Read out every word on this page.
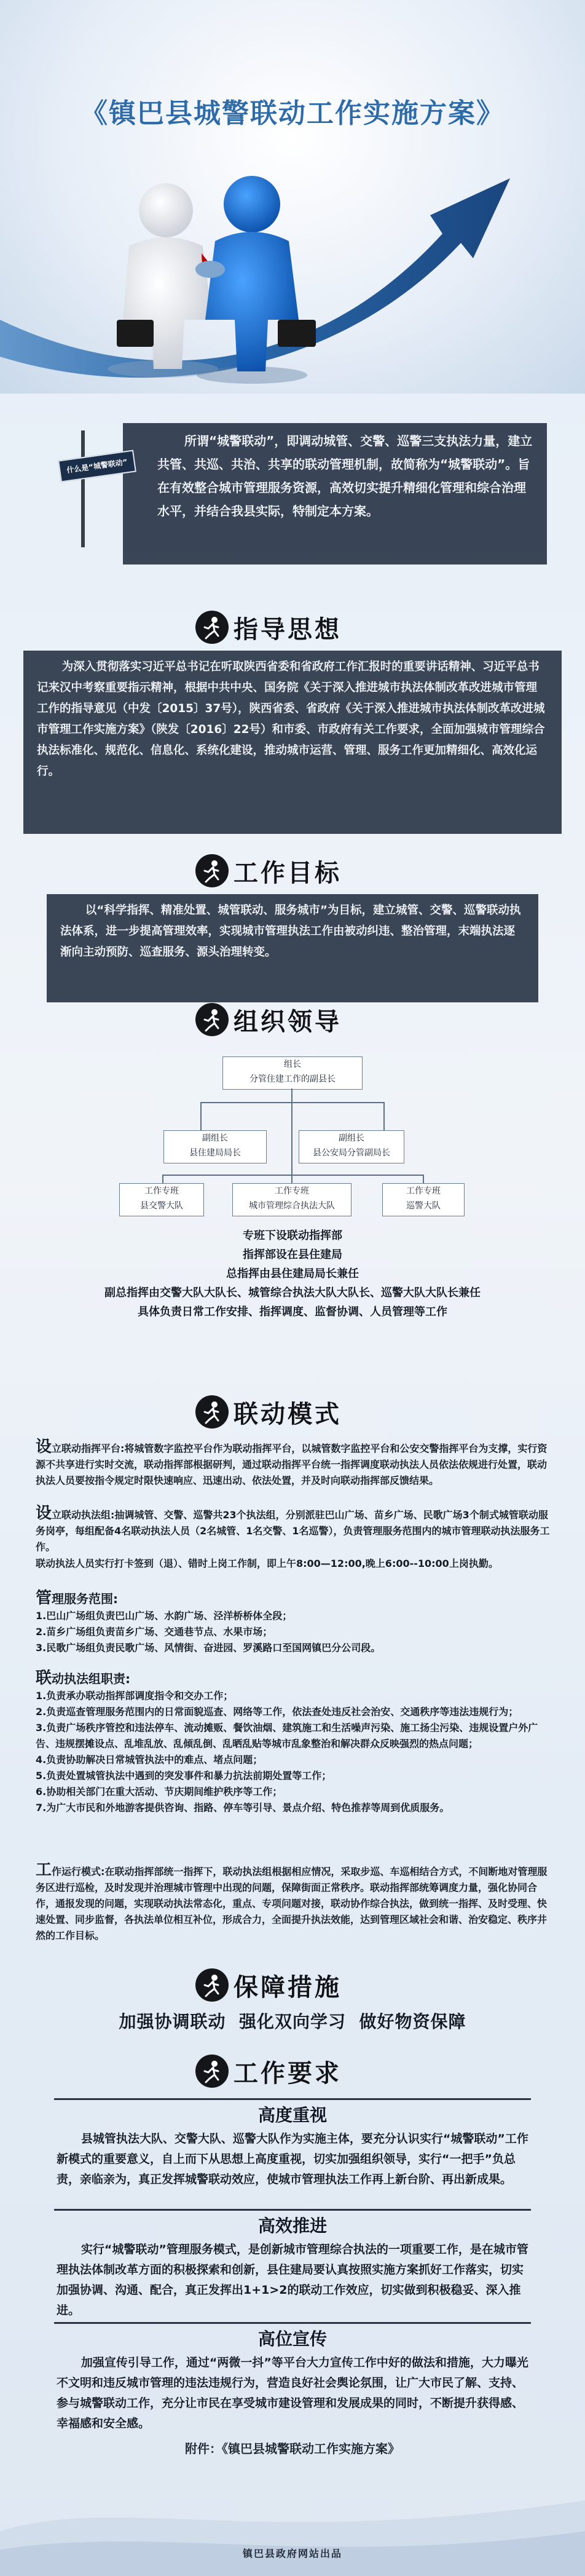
《镇巴县城警联动工作实施方案》
所谓“城警联动”，即调动城管、交警、巡警三支执法力量，建立共管、共巡、共治、共享的联动管理机制，故简称为“城警联动”。旨在有效整合城市管理服务资源，高效切实提升精细化管理和综合治理水平，并结合我县实际，特制定本方案。
什么是“城警联动”
指导思想
为深入贯彻落实习近平总书记在听取陕西省委和省政府工作汇报时的重要讲话精神、习近平总书记来汉中考察重要指示精神，根据中共中央、国务院《关于深入推进城市执法体制改革改进城市管理工作的指导意见（中发〔2015〕37号），陕西省委、省政府《关于深入推进城市执法体制改革改进城市管理工作实施方案》（陕发〔2016〕22号）和市委、市政府有关工作要求，全面加强城市管理综合执法标准化、规范化、信息化、系统化建设，推动城市运营、管理、服务工作更加精细化、高效化运行。
工作目标
以“科学指挥、精准处置、城管联动、服务城市”为目标，建立城管、交警、巡警联动执法体系，进一步提高管理效率，实现城市管理执法工作由被动纠违、整治管理，末端执法逐渐向主动预防、巡查服务、源头治理转变。
组织领导
组长
分管住建工作的副县长
副组长
县住建局局长
副组长
县公安局分管副局长
工作专班
县交警大队
工作专班
城市管理综合执法大队
工作专班
巡警大队
专班下设联动指挥部
指挥部设在县住建局
总指挥由县住建局局长兼任
副总指挥由交警大队大队长、城管综合执法大队大队长、巡警大队大队长兼任
具体负责日常工作安排、指挥调度、监督协调、人员管理等工作
联动模式
设立联动指挥平台:将城管数字监控平台作为联动指挥平台，以城管数字监控平台和公安交警指挥平台为支撑，实行资源不共享进行实时交流，联动指挥部根据研判，通过联动指挥平台统一指挥调度联动执法人员依法依规进行处置，联动执法人员要按指令规定时限快速响应、迅速出动、依法处置，并及时向联动指挥部反馈结果。
设立联动执法组:抽调城管、交警、巡警共23个执法组，分别派驻巴山广场、苗乡广场、民歌广场3个制式城管联动服务岗亭，每组配备4名联动执法人员（2名城管、1名交警、1名巡警），负责管理服务范围内的城市管理联动执法服务工作。
联动执法人员实行打卡签到（退）、错时上岗工作制，即上午8:00—12:00,晚上6:00--10:00上岗执勤。
管理服务范围:
1.巴山广场组负责巴山广场、水韵广场、泾洋桥桥体全段；
2.苗乡广场组负责苗乡广场、交通巷节点、水果市场；
3.民歌广场组负责民歌广场、风情街、奋进园、罗溪路口至国网镇巴分公司段。
联动执法组职责:
1.负责承办联动指挥部调度指令和交办工作；
2.负责巡查管理服务范围内的日常面貌巡查、网络等工作，依法查处违反社会治安、交通秩序等违法违规行为；
3.负责广场秩序管控和违法停车、流动摊贩、餐饮油烟、建筑施工和生活噪声污染、施工扬尘污染、违规设置户外广告、违规摆摊设点、乱堆乱放、乱倾乱倒、乱晒乱贴等城市乱象整治和解决群众反映强烈的热点问题；
4.负责协助解决日常城管执法中的难点、堵点问题；
5.负责处置城管执法中遇到的突发事件和暴力抗法前期处置等工作；
6.协助相关部门在重大活动、节庆期间维护秩序等工作；
7.为广大市民和外地游客提供咨询、指路、停车等引导、景点介绍、特色推荐等周到优质服务。
工作运行模式:在联动指挥部统一指挥下，联动执法组根据相应情况，采取步巡、车巡相结合方式，不间断地对管理服务区进行巡检，及时发现并治理城市管理中出现的问题，保障街面正常秩序。联动指挥部统筹调度力量，强化协同合作，通报发现的问题，实现联动执法常态化，重点、专项问题对接，联动协作综合执法，做到统一指挥、及时受理、快速处置、同步监督，各执法单位相互补位，形成合力，全面提升执法效能，达到管理区域社会和谐、治安稳定、秩序井然的工作目标。
保障措施
加强协调联动  强化双向学习  做好物资保障
工作要求
高度重视
县城管执法大队、交警大队、巡警大队作为实施主体，要充分认识实行“城警联动”工作新模式的重要意义，自上而下从思想上高度重视，切实加强组织领导，实行“一把手”负总责，亲临亲为，真正发挥城警联动效应，使城市管理执法工作再上新台阶、再出新成果。
高效推进
实行“城警联动”管理服务模式，是创新城市管理综合执法的一项重要工作，是在城市管理执法体制改革方面的积极探索和创新，县住建局要认真按照实施方案抓好工作落实，切实加强协调、沟通、配合，真正发挥出1+1>2的联动工作效应，切实做到积极稳妥、深入推进。
高位宣传
加强宣传引导工作，通过“两微一抖”等平台大力宣传工作中好的做法和措施，大力曝光不文明和违反城市管理的违法违规行为，营造良好社会舆论氛围，让广大市民了解、支持、参与城警联动工作，充分让市民在享受城市建设管理和发展成果的同时，不断提升获得感、幸福感和安全感。
附件：《镇巴县城警联动工作实施方案》
镇巴县政府网站出品
